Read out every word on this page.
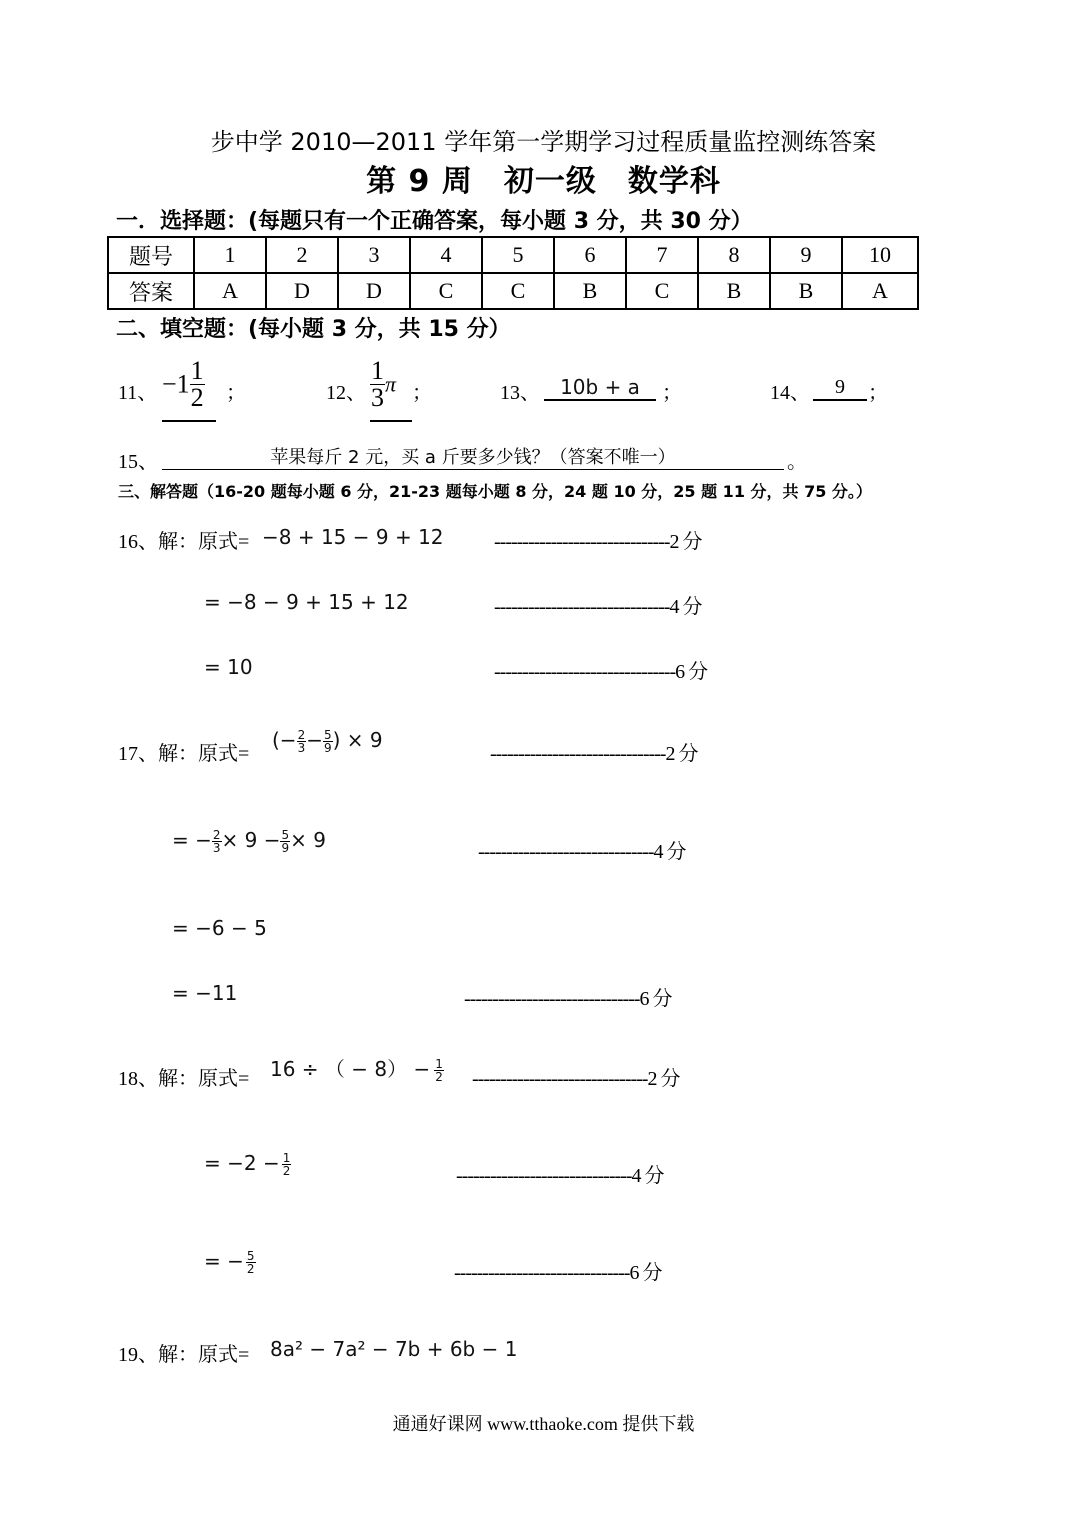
步中学 2010—2011 学年第一学期学习过程质量监控测练答案
第 9 周　初一级　数学科
一．选择题：(每题只有一个正确答案，每小题 3 分，共 30 分）
题号	1	2	3	4	5	6	7	8	9	10
答案	A	D	D	C	C	B	C	B	B	A
二、填空题：(每小题 3 分，共 15 分）
11、 $-1 \frac{1}{2}$ ；	12、 $\frac{1}{3}$ π ；	13、	10b + a	；	14、	9	；
15、	苹果每斤 2 元，买 a 斤要多少钱？（答案不唯一）	。
三、解答题（16-20 题每小题 6 分，21-23 题每小题 8 分，24 题 10 分，25 题 11 分，共 75 分。）
16、解：原式= −8 + 15 − 9 + 12	-------------------------------2 分
= −8 − 9 + 15 + 12	-------------------------------4 分
= 10	--------------------------------6 分
17、解：原式=
(− $\frac{2}{3} - \frac{5}{9}$ ) × 9
-------------------------------2 分
= − $\frac{2}{3} \times 9 - \frac{5}{9} \times 9$	-------------------------------4 分
= −6 − 5
= −11	-------------------------------6 分
18、解：原式= 16 ÷ （ − $8) - \frac{1}{2} -------------------------------2$ 分
= $-2 - \frac{1}{2}$	-------------------------------4 分
= − $\frac{5}{2}$	-------------------------------6 分
19、解：原式= 8a² − 7a² − 7b + 6b − 1
通通好课网 www.tthaoke.com 提供下载
